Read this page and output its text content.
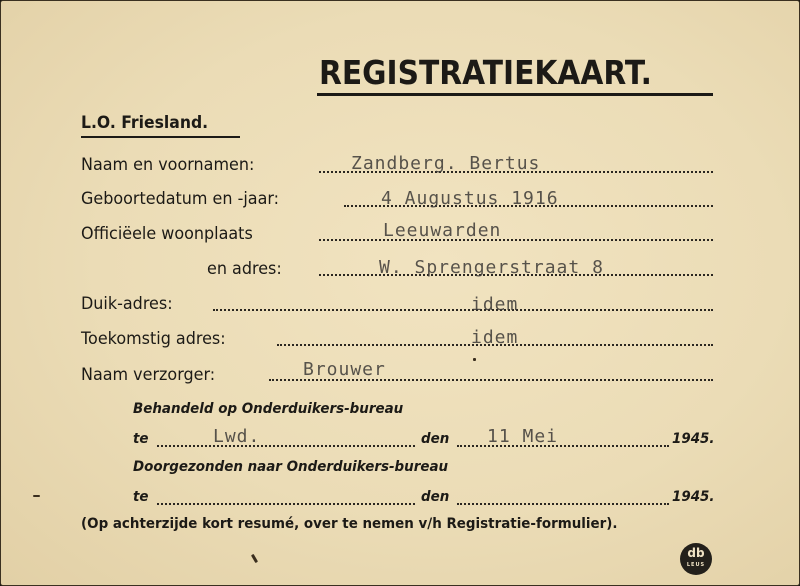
REGISTRATIEKAART.
L.O. Friesland.
Naam en voornamen:	Zandberg. Bertus
Geboortedatum en -jaar:	4 Augustus 1916
Officiëele woonplaats	Leeuwarden
en adres:	W. Sprengerstraat 8
Duik-adres:	idem
Toekomstig adres:	idem
Naam verzorger:	Brouwer
Behandeld op Onderduikers-bureau
te	Lwd.	den 11 Mei	1945.
Doorgezonden naar Onderduikers-bureau
te	den	1945.
(Op achterzijde kort resumé, over te nemen v/h Registratie-formulier).
db
LEUS
